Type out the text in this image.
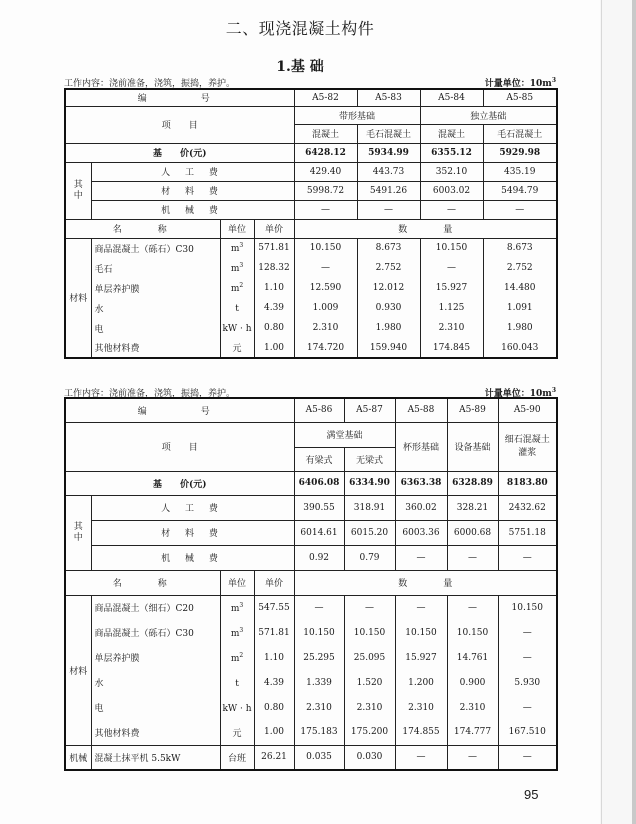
二、现浇混凝土构件
1.基 础
工作内容：浇前准备，浇筑，振捣，养护。	计量单位：$10m^3$
编　　号				A5-82	A5-83	A5-84	A5-85
项　　目				带形基础		独立基础	
				混凝土	毛石混凝土	混凝土	毛石混凝土
基　　价(元)				6428.12	5934.99	6355.12	5929.98
其中	人 工 费			429.40	443.73	352.10	435.19
	材 料 费			5998.72	5491.26	6003.02	5494.79
	机 械 费			—	—	—	—
名　　称		单位	单价	数　　　　量			
材料	商品混凝土（砾石）C30	$m^3$	571.81	10.150	8.673	10.150	8.673
	毛石	$m^3$	128.32	—	2.752	—	2.752
	单层养护膜	$m^2$	1.10	12.590	12.012	15.927	14.480
	水	t	4.39	1.009	0.930	1.125	1.091
	电	kW · h	0.80	2.310	1.980	2.310	1.980
	其他材料费	元	1.00	174.720	159.940	174.845	160.043
工作内容：浇前准备，浇筑，振捣，养护。	计量单位：$10m^3$
编　　号				A5-86	A5-87	A5-88	A5-89	A5-90
项　　目				满堂基础		杯形基础	设备基础	细石混凝土
灌浆
				有梁式	无梁式			
基　　价(元)				6406.08	6334.90	6363.38	6328.89	8183.80
其中	人 工 费			390.55	318.91	360.02	328.21	2432.62
	材 料 费			6014.61	6015.20	6003.36	6000.68	5751.18
	机 械 费			0.92	0.79	—	—	—
名　　称		单位	单价	数　　　　量				
材料	商品混凝土（细石）C20	$m^3$	547.55	—	—	—	—	10.150
	商品混凝土（砾石）C30	$m^3$	571.81	10.150	10.150	10.150	10.150	—
	单层养护膜	$m^2$	1.10	25.295	25.095	15.927	14.761	—
	水	t	4.39	1.339	1.520	1.200	0.900	5.930
	电	kW · h	0.80	2.310	2.310	2.310	2.310	—
	其他材料费	元	1.00	175.183	175.200	174.855	174.777	167.510
机械	混凝土抹平机 5.5kW	台班	26.21	0.035	0.030	—	—	—
95
